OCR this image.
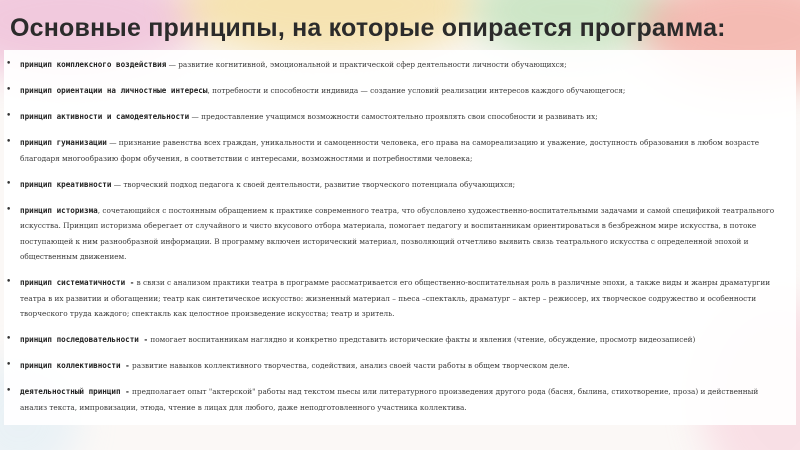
Основные принципы, на которые опирается программа:
• принцип комплексного воздействия — развитие когнитивной, эмоциональной и практической сфер деятельности личности обучающихся;
• принцип ориентации на личностные интересы, потребности и способности индивида — создание условий реализации интересов каждого обучающегося;
• принцип активности и самодеятельности — предоставление учащимся возможности самостоятельно проявлять свои способности и развивать их;
• принцип гуманизации — признание равенства всех граждан, уникальности и самоценности человека, его права на самореализацию и уважение, доступность образования в любом возрасте благодаря многообразию форм обучения, в соответствии с интересами, возможностями и потребностями человека;
• принцип креативности — творческий подход педагога к своей деятельности, развитие творческого потенциала обучающихся;
• принцип историзма, сочетающийся с постоянным обращением к практике современного театра, что обусловлено художественно-воспитательными задачами и самой спецификой театрального искусства. Принцип историзма оберегает от случайного и чисто вкусового отбора материала, помогает педагогу и воспитанникам ориентироваться в безбрежном мире искусства, в потоке поступающей к ним разнообразной информации. В программу включен исторический материал, позволяющий отчетливо выявить связь театрального искусства с определенной эпохой и общественным движением.
• принцип систематичности - в связи с анализом практики театра в программе рассматривается его общественно-воспитательная роль в различные эпохи, а также виды и жанры драматургии театра в их развитии и обогащении; театр как синтетическое искусство: жизненный материал – пьеса –спектакль, драматург – актер – режиссер, их творческое содружество и особенности творческого труда каждого; спектакль как целостное произведение искусства; театр и зритель.
• принцип последовательности - помогает воспитанникам наглядно и конкретно представить исторические факты и явления (чтение, обсуждение, просмотр видеозаписей)
• принцип коллективности - развитие навыков коллективного творчества, содействия, анализ своей части работы в общем творческом деле.
• деятельностный принцип - предполагает опыт "актерской" работы над текстом пьесы или литературного произведения другого рода (басня, былина, стихотворение, проза) и действенный анализ текста, импровизации, этюда, чтение в лицах для любого, даже неподготовленного участника коллектива.
